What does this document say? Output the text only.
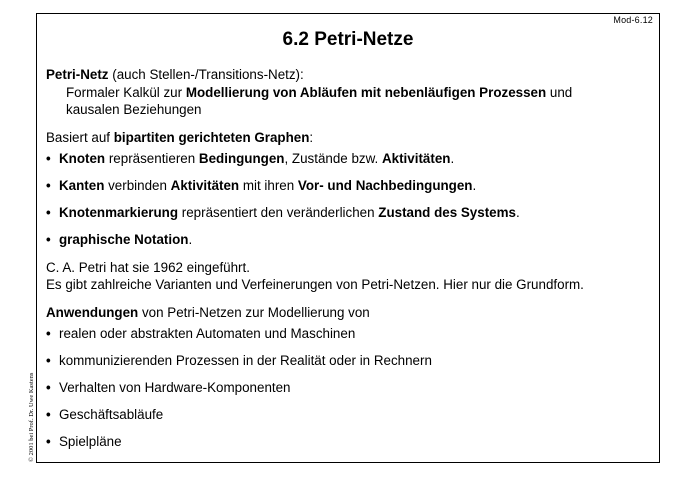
Mod-6.12
6.2 Petri-Netze

Petri-Netz (auch Stellen-/Transitions-Netz):

Formaler Kalkül zur Modellierung von Abläufen mit nebenläufigen Prozessen und

kausalen Beziehungen

Basiert auf bipartiten gerichteten Graphen:

• Knoten repräsentieren Bedingungen, Zustände bzw. Aktivitäten.
• Kanten verbinden Aktivitäten mit ihren Vor- und Nachbedingungen.
• Knotenmarkierung repräsentiert den veränderlichen Zustand des Systems.
• graphische Notation.

C. A. Petri hat sie 1962 eingeführt.

Es gibt zahlreiche Varianten und Verfeinerungen von Petri-Netzen. Hier nur die Grundform.

Anwendungen von Petri-Netzen zur Modellierung von

• realen oder abstrakten Automaten und Maschinen
• kommunizierenden Prozessen in der Realität oder in Rechnern
• Verhalten von Hardware-Komponenten
• Geschäftsabläufe
• Spielpläne
© 2001 bei Prof. Dr. Uwe Kastens
